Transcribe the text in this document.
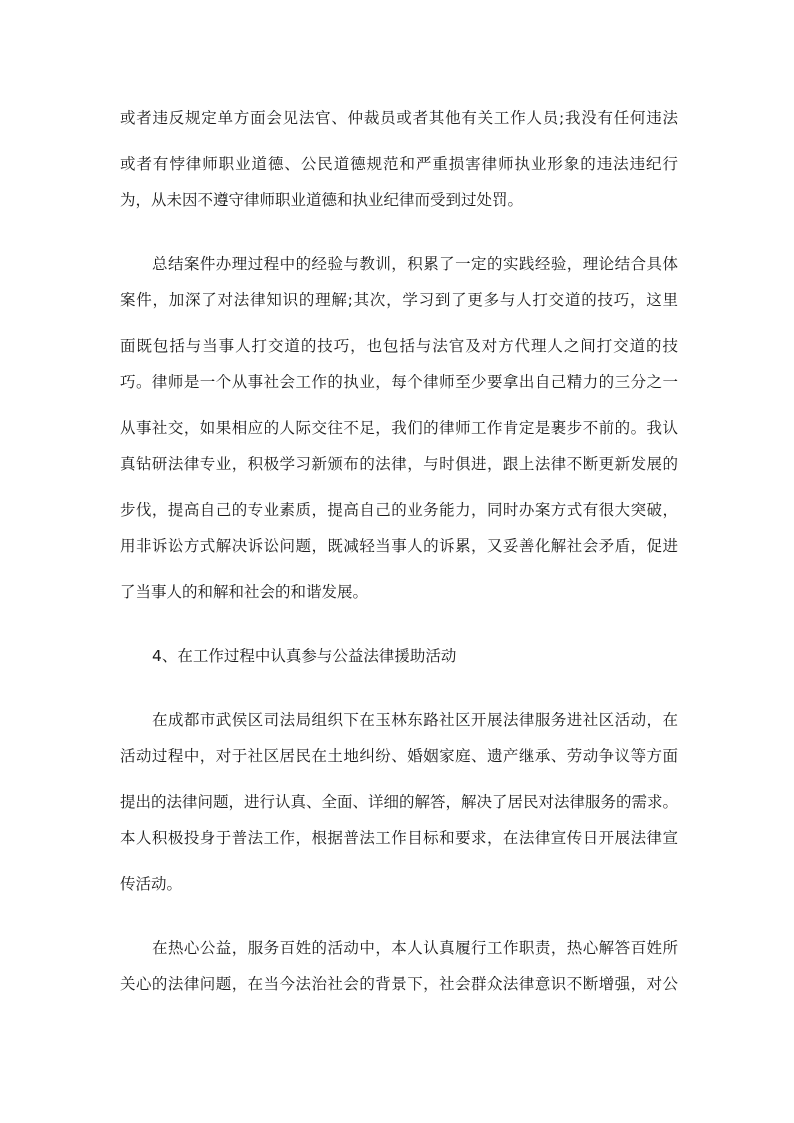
或者违反规定单方面会见法官、仲裁员或者其他有关工作人员;我没有任何违法
或者有悖律师职业道德、公民道德规范和严重损害律师执业形象的违法违纪行
为，从未因不遵守律师职业道德和执业纪律而受到过处罚。
总结案件办理过程中的经验与教训，积累了一定的实践经验，理论结合具体
案件，加深了对法律知识的理解;其次，学习到了更多与人打交道的技巧，这里
面既包括与当事人打交道的技巧，也包括与法官及对方代理人之间打交道的技
巧。律师是一个从事社会工作的执业，每个律师至少要拿出自己精力的三分之一
从事社交，如果相应的人际交往不足，我们的律师工作肯定是裹步不前的。我认
真钻研法律专业，积极学习新颁布的法律，与时俱进，跟上法律不断更新发展的
步伐，提高自己的专业素质，提高自己的业务能力，同时办案方式有很大突破，
用非诉讼方式解决诉讼问题，既减轻当事人的诉累，又妥善化解社会矛盾，促进
了当事人的和解和社会的和谐发展。
4、在工作过程中认真参与公益法律援助活动
在成都市武侯区司法局组织下在玉林东路社区开展法律服务进社区活动，在
活动过程中，对于社区居民在土地纠纷、婚姻家庭、遗产继承、劳动争议等方面
提出的法律问题，进行认真、全面、详细的解答，解决了居民对法律服务的需求。
本人积极投身于普法工作，根据普法工作目标和要求，在法律宣传日开展法律宣
传活动。
在热心公益，服务百姓的活动中，本人认真履行工作职责，热心解答百姓所
关心的法律问题，在当今法治社会的背景下，社会群众法律意识不断增强，对公
